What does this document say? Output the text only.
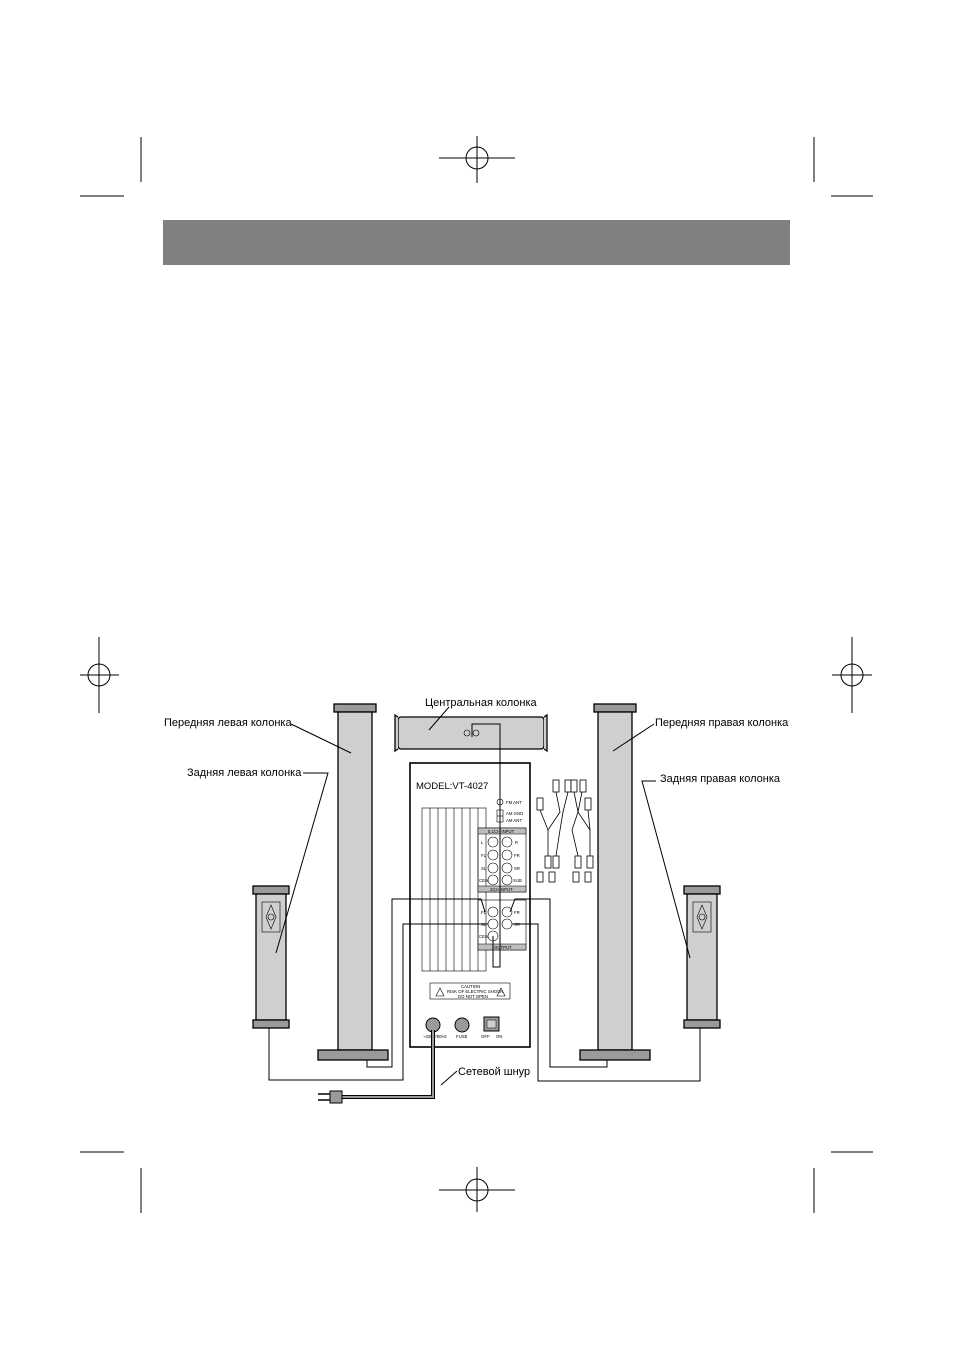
MODEL:VT-4027
FM ANT
AM GND
AM ANT
5.1CH INPUT
2CH INPUT
L
FL
SL
CEN
R
FR
SR
SUB
OUTPUT
FL
SL
CEN
FR
SR
CAUTION
RISK OF ELECTRIC SHOCK
DO NOT OPEN
~220V/50Hz FUSE	OFF ON
Центральная колонка
Передняя левая колонка	Передняя правая колонка
Задняя левая колонка	Задняя правая колонка
Сетевой шнур
